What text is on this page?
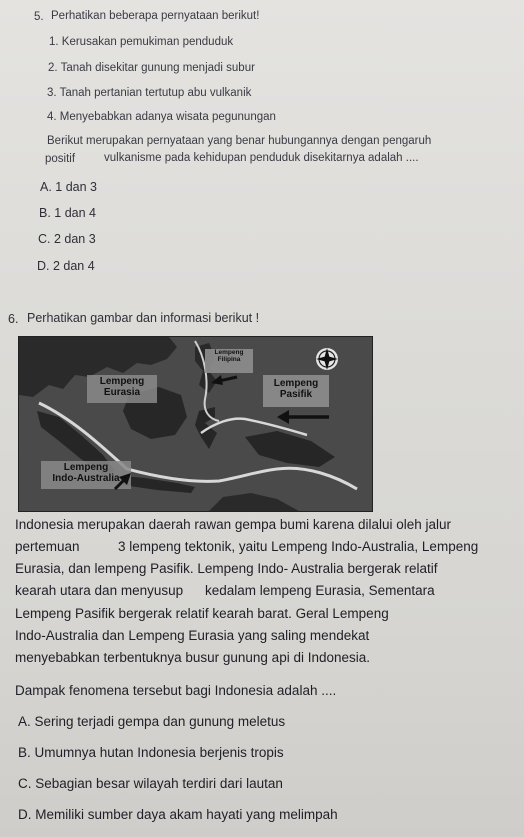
5. Perhatikan beberapa pernyataan berikut!
1. Kerusakan pemukiman penduduk
2. Tanah disekitar gunung menjadi subur
3. Tanah pertanian tertutup abu vulkanik
4. Menyebabkan adanya wisata pegunungan
Berikut merupakan pernyataan yang benar hubungannya dengan pengaruh
positif	vulkanisme pada kehidupan penduduk disekitarnya adalah ....
A. 1 dan 3
B. 1 dan 4
C. 2 dan 3
D. 2 dan 4
6. Perhatikan gambar dan informasi berikut !
Lempeng
Filipina
Lempeng
Eurasia
Lempeng
Pasifik
Lempeng
Indo-Australia
Indonesia merupakan daerah rawan gempa bumi karena dilalui oleh jalur
pertemuan	3 lempeng tektonik, yaitu Lempeng Indo-Australia, Lempeng
Eurasia, dan lempeng Pasifik. Lempeng Indo- Australia bergerak relatif
kearah utara dan menyusup kedalam lempeng Eurasia, Sementara
Lempeng Pasifik bergerak relatif kearah barat. Geral Lempeng
Indo-Australia dan Lempeng Eurasia yang saling mendekat
menyebabkan terbentuknya busur gunung api di Indonesia.
Dampak fenomena tersebut bagi Indonesia adalah ....
A. Sering terjadi gempa dan gunung meletus
B. Umumnya hutan Indonesia berjenis tropis
C. Sebagian besar wilayah terdiri dari lautan
D. Memiliki sumber daya akam hayati yang melimpah
